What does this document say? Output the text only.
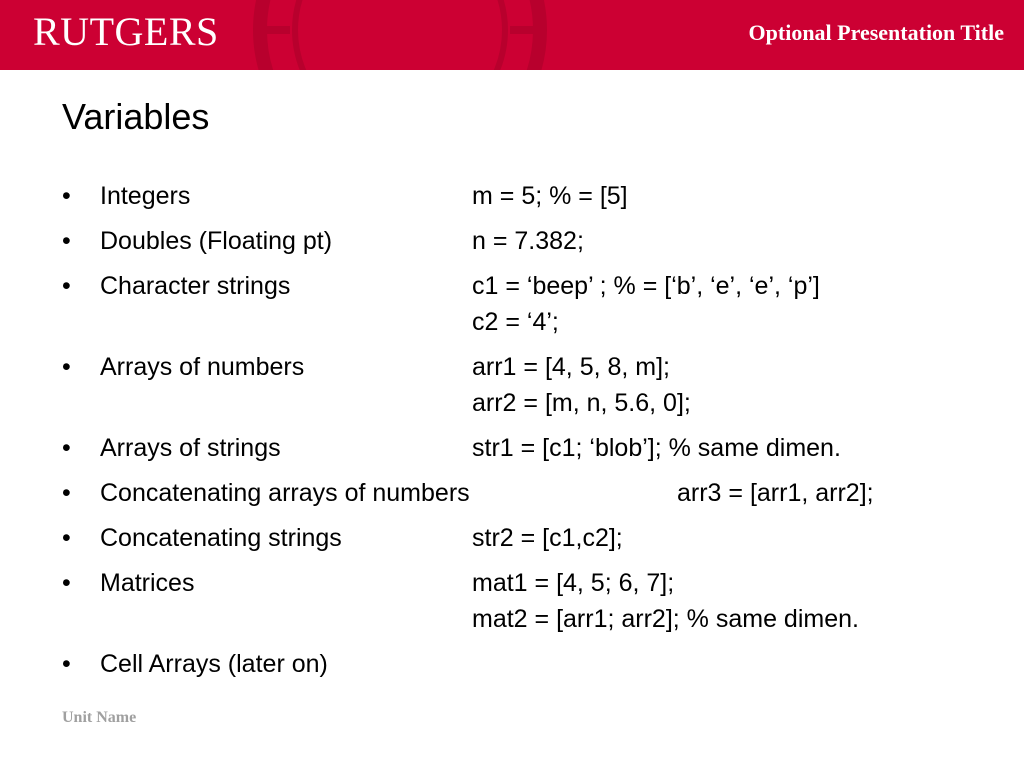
RUTGERS	Optional Presentation Title
Variables
• Integers	m = 5; % = [5]
• Doubles (Floating pt)	n = 7.382;
• Character strings	c1 = ‘beep’ ; % = [‘b’, ‘e’, ‘e’, ‘p’]
c2 = ‘4’;
• Arrays of numbers	arr1 = [4, 5, 8, m];
arr2 = [m, n, 5.6, 0];
• Arrays of strings	str1 = [c1; ‘blob’]; % same dimen.
• Concatenating arrays of numbers	arr3 = [arr1, arr2];
• Concatenating strings	str2 = [c1,c2];
• Matrices	mat1 = [4, 5; 6, 7];
mat2 = [arr1; arr2]; % same dimen.
• Cell Arrays (later on)
Unit Name
